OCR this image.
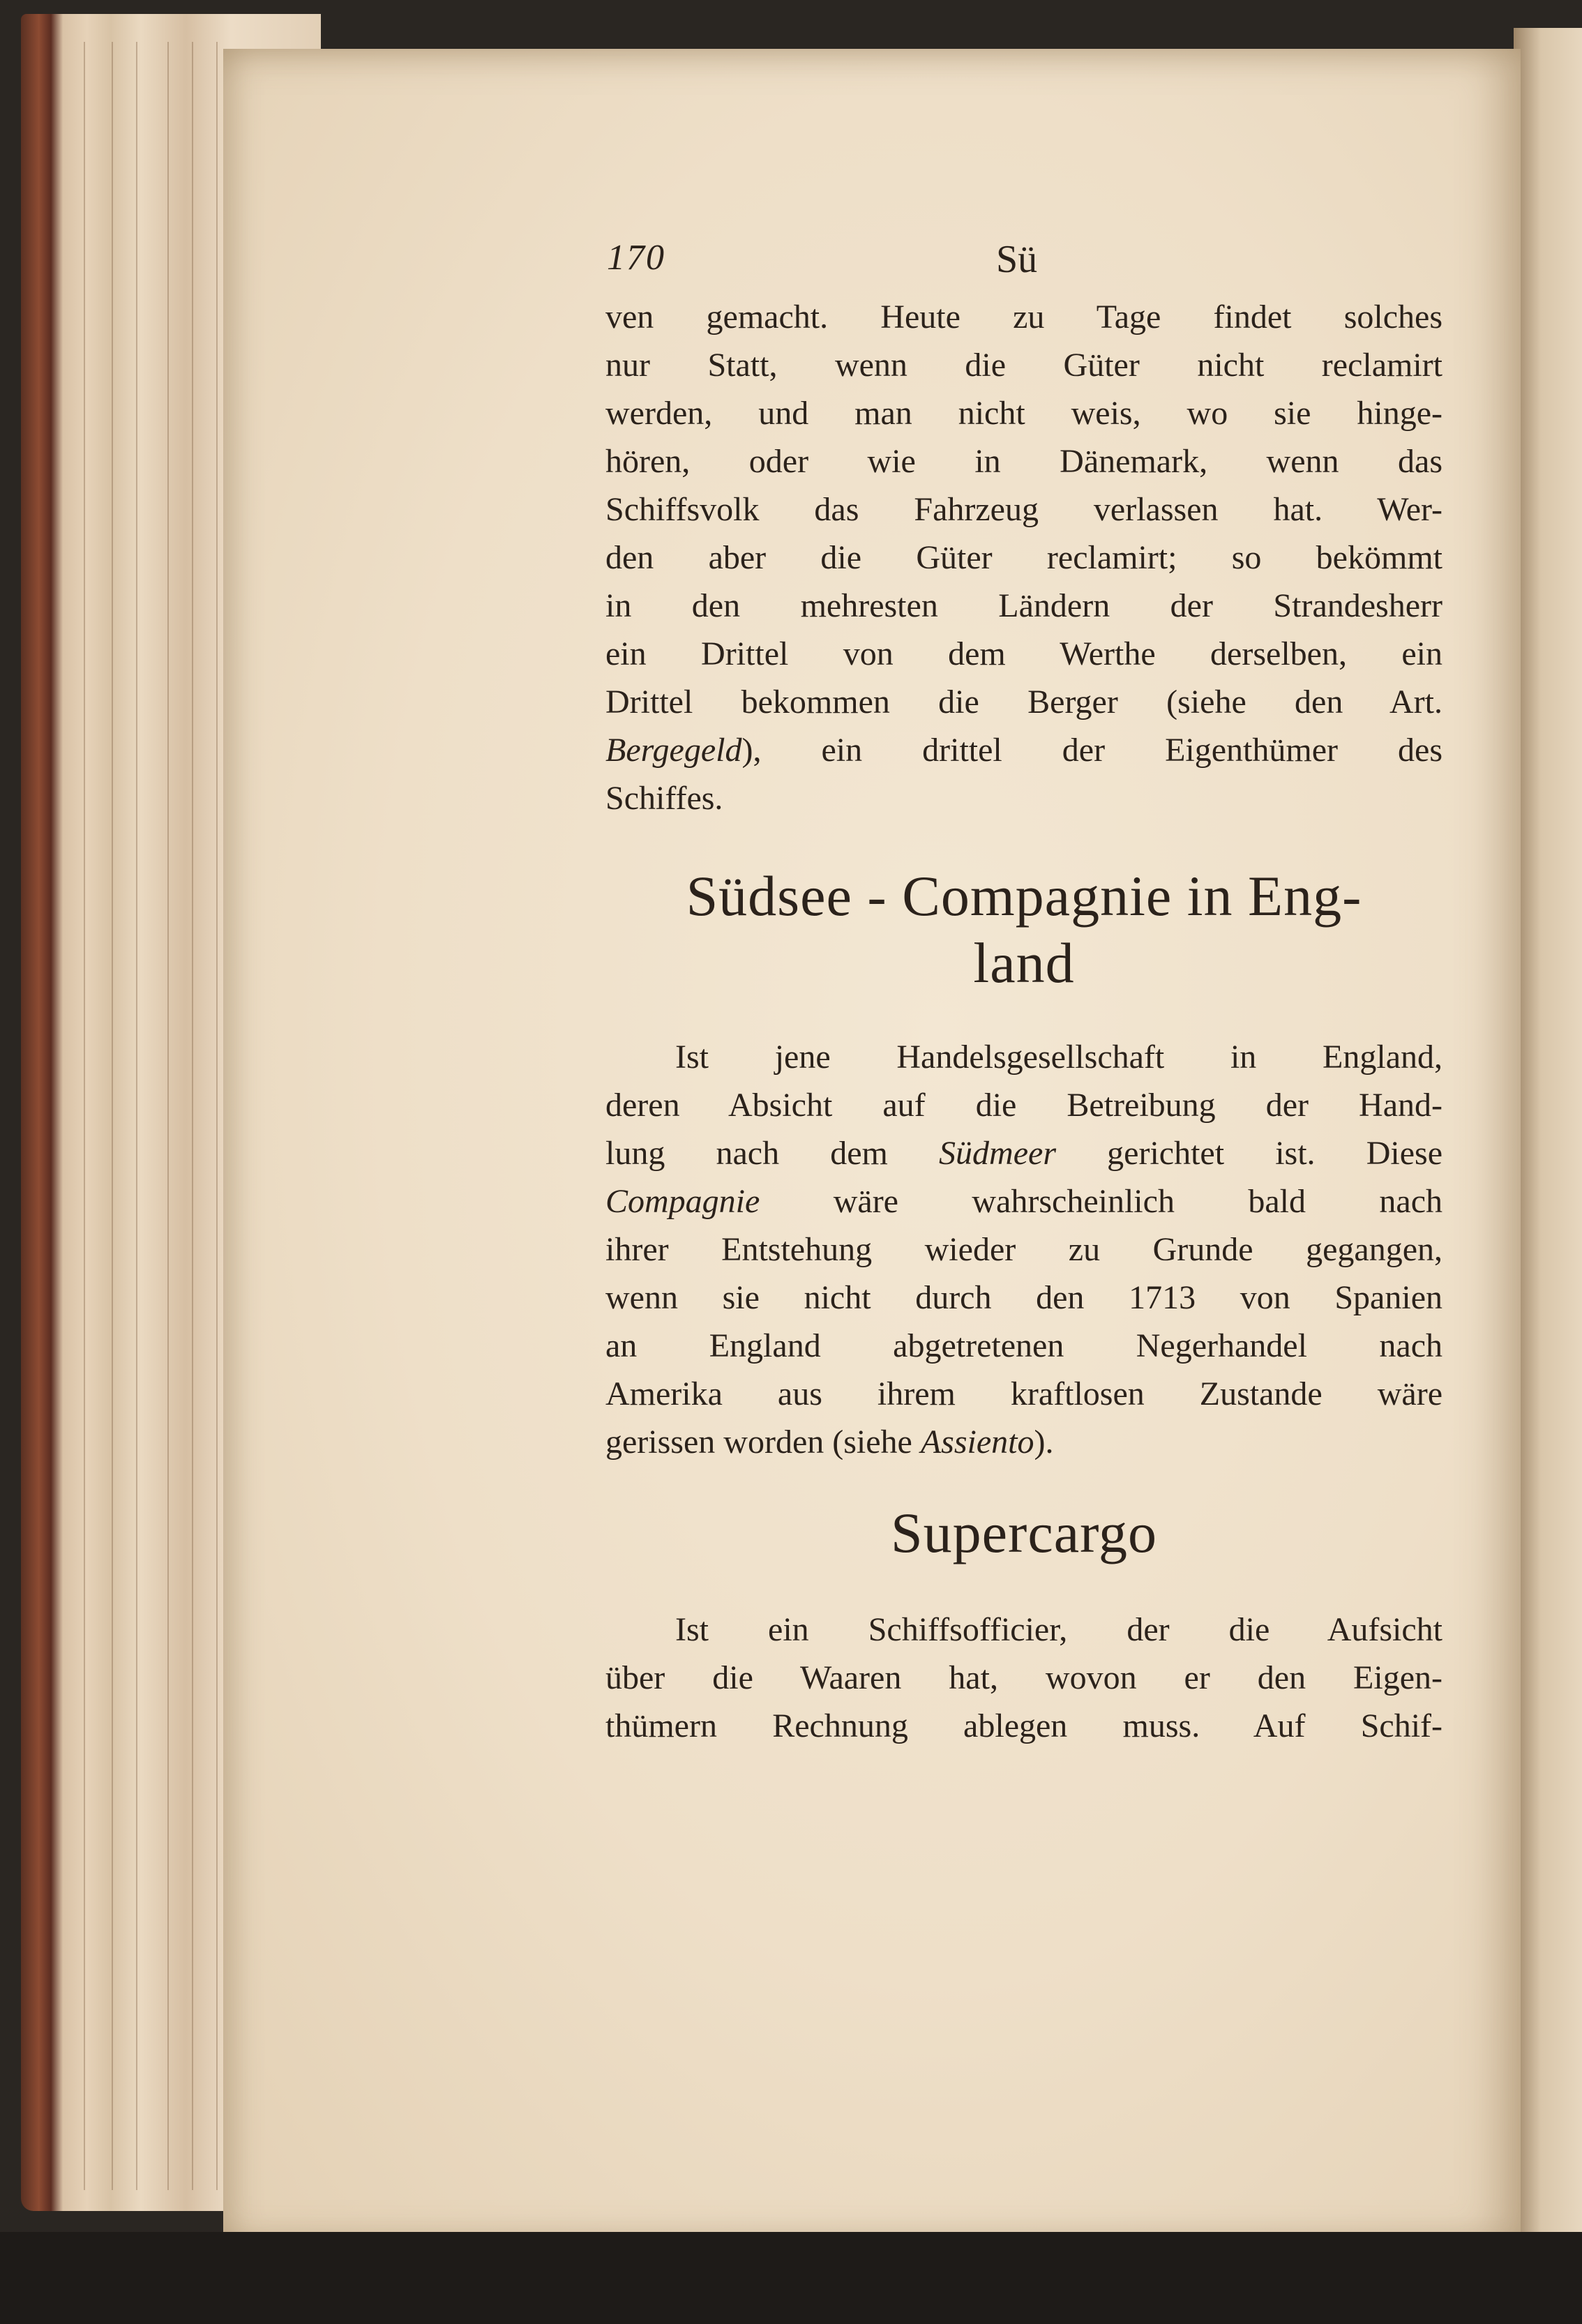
170	Sü

ven gemacht. Heute zu Tage findet solches
nur Statt, wenn die Güter nicht reclamirt
werden, und man nicht weis, wo sie hinge-
hören, oder wie in Dänemark, wenn das
Schiffsvolk das Fahrzeug verlassen hat. Wer-
den aber die Güter reclamirt; so bekömmt
in den mehresten Ländern der Strandesherr
ein Drittel von dem Werthe derselben, ein
Drittel bekommen die Berger (siehe den Art.
Bergegeld), ein drittel der Eigenthümer des
Schiffes.

Südsee - Compagnie in Eng-
land

Ist jene Handelsgesellschaft in England,
deren Absicht auf die Betreibung der Hand-
lung nach dem Südmeer gerichtet ist. Diese
Compagnie wäre wahrscheinlich bald nach
ihrer Entstehung wieder zu Grunde gegangen,
wenn sie nicht durch den 1713 von Spanien
an England abgetretenen Negerhandel nach
Amerika aus ihrem kraftlosen Zustande wäre
gerissen worden (siehe Assiento).

Supercargo

Ist ein Schiffsofficier, der die Aufsicht
über die Waaren hat, wovon er den Eigen-
thümern Rechnung ablegen muss. Auf Schif-
